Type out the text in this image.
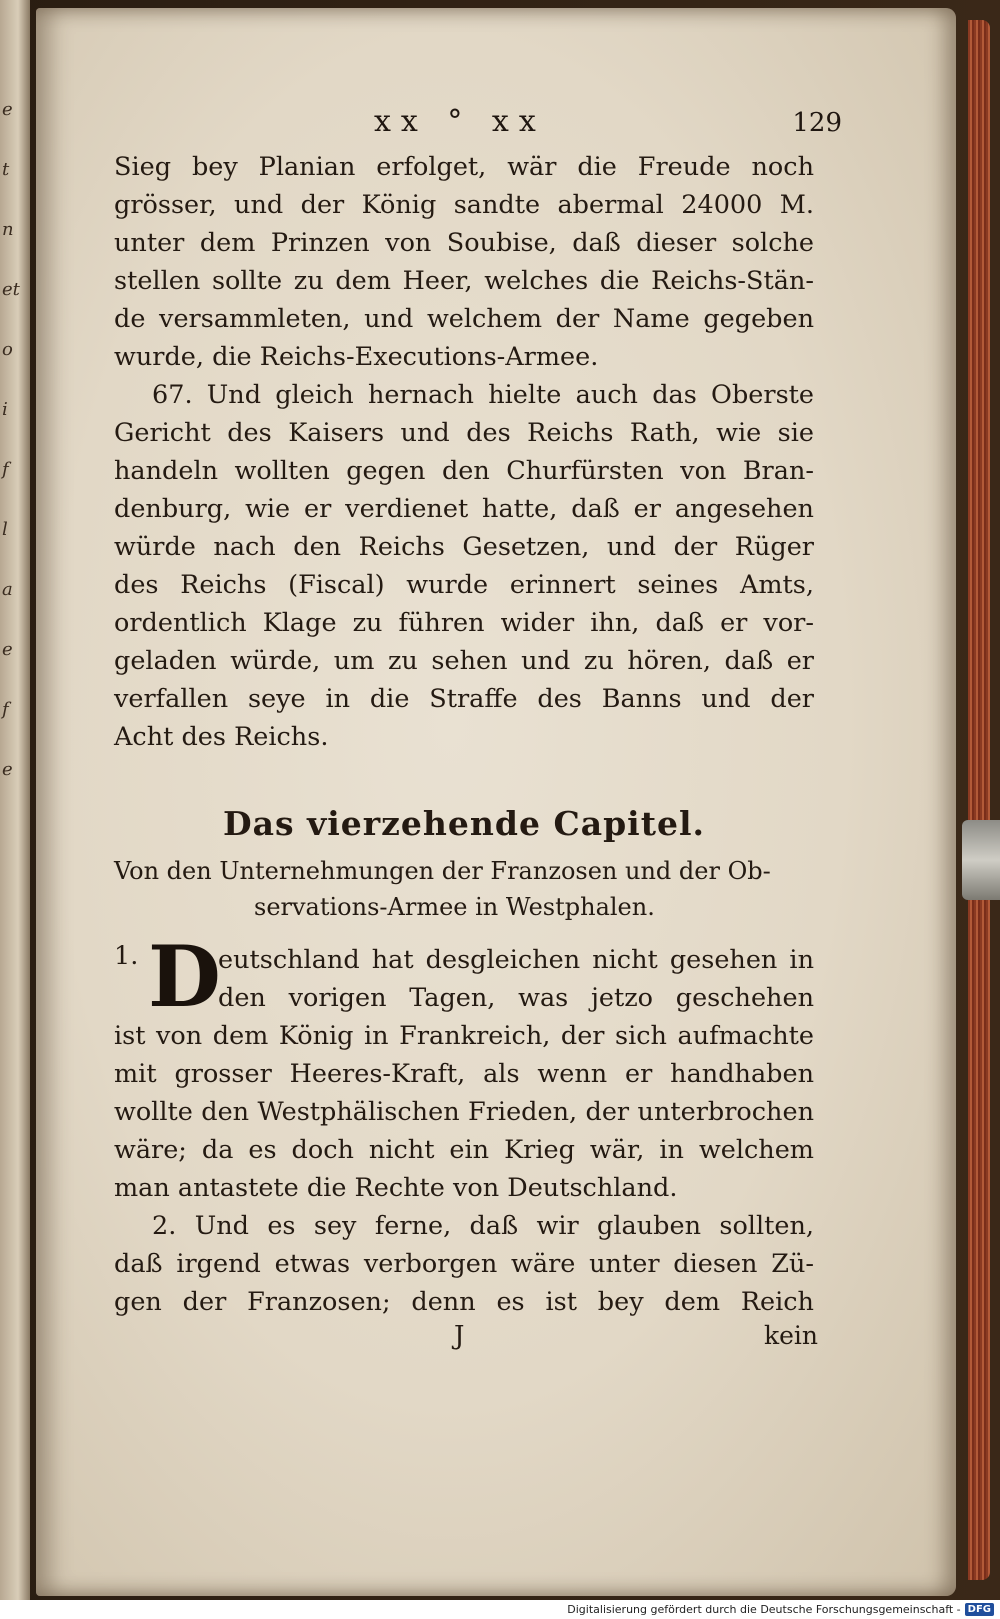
e
t
n
et
o
i
f
l
a
e
f
e
xx ° xx	129
Sieg bey Planian erfolget, wär die Freude noch
grösser, und der König sandte abermal 24000 M.
unter dem Prinzen von Soubise, daß dieser solche
stellen sollte zu dem Heer, welches die Reichs-Stän-
de versammleten, und welchem der Name gegeben
wurde, die Reichs-Executions-Armee.
67. Und gleich hernach hielte auch das Oberste
Gericht des Kaisers und des Reichs Rath, wie sie
handeln wollten gegen den Churfürsten von Bran-
denburg, wie er verdienet hatte, daß er angesehen
würde nach den Reichs Gesetzen, und der Rüger
des Reichs (Fiscal) wurde erinnert seines Amts,
ordentlich Klage zu führen wider ihn, daß er vor-
geladen würde, um zu sehen und zu hören, daß er
verfallen seye in die Straffe des Banns und der
Acht des Reichs.
Das vierzehende Capitel.
Von den Unternehmungen der Franzosen und der Ob-
servations-Armee in Westphalen.
1. D
eutschland hat desgleichen nicht gesehen in
den vorigen Tagen, was jetzo geschehen
ist von dem König in Frankreich, der sich aufmachte
mit grosser Heeres-Kraft, als wenn er handhaben
wollte den Westphälischen Frieden, der unterbrochen
wäre; da es doch nicht ein Krieg wär, in welchem
man antastete die Rechte von Deutschland.
2. Und es sey ferne, daß wir glauben sollten,
daß irgend etwas verborgen wäre unter diesen Zü-
gen der Franzosen; denn es ist bey dem Reich
J	kein
Digitalisierung gefördert durch die Deutsche Forschungsgemeinschaft - DFG
